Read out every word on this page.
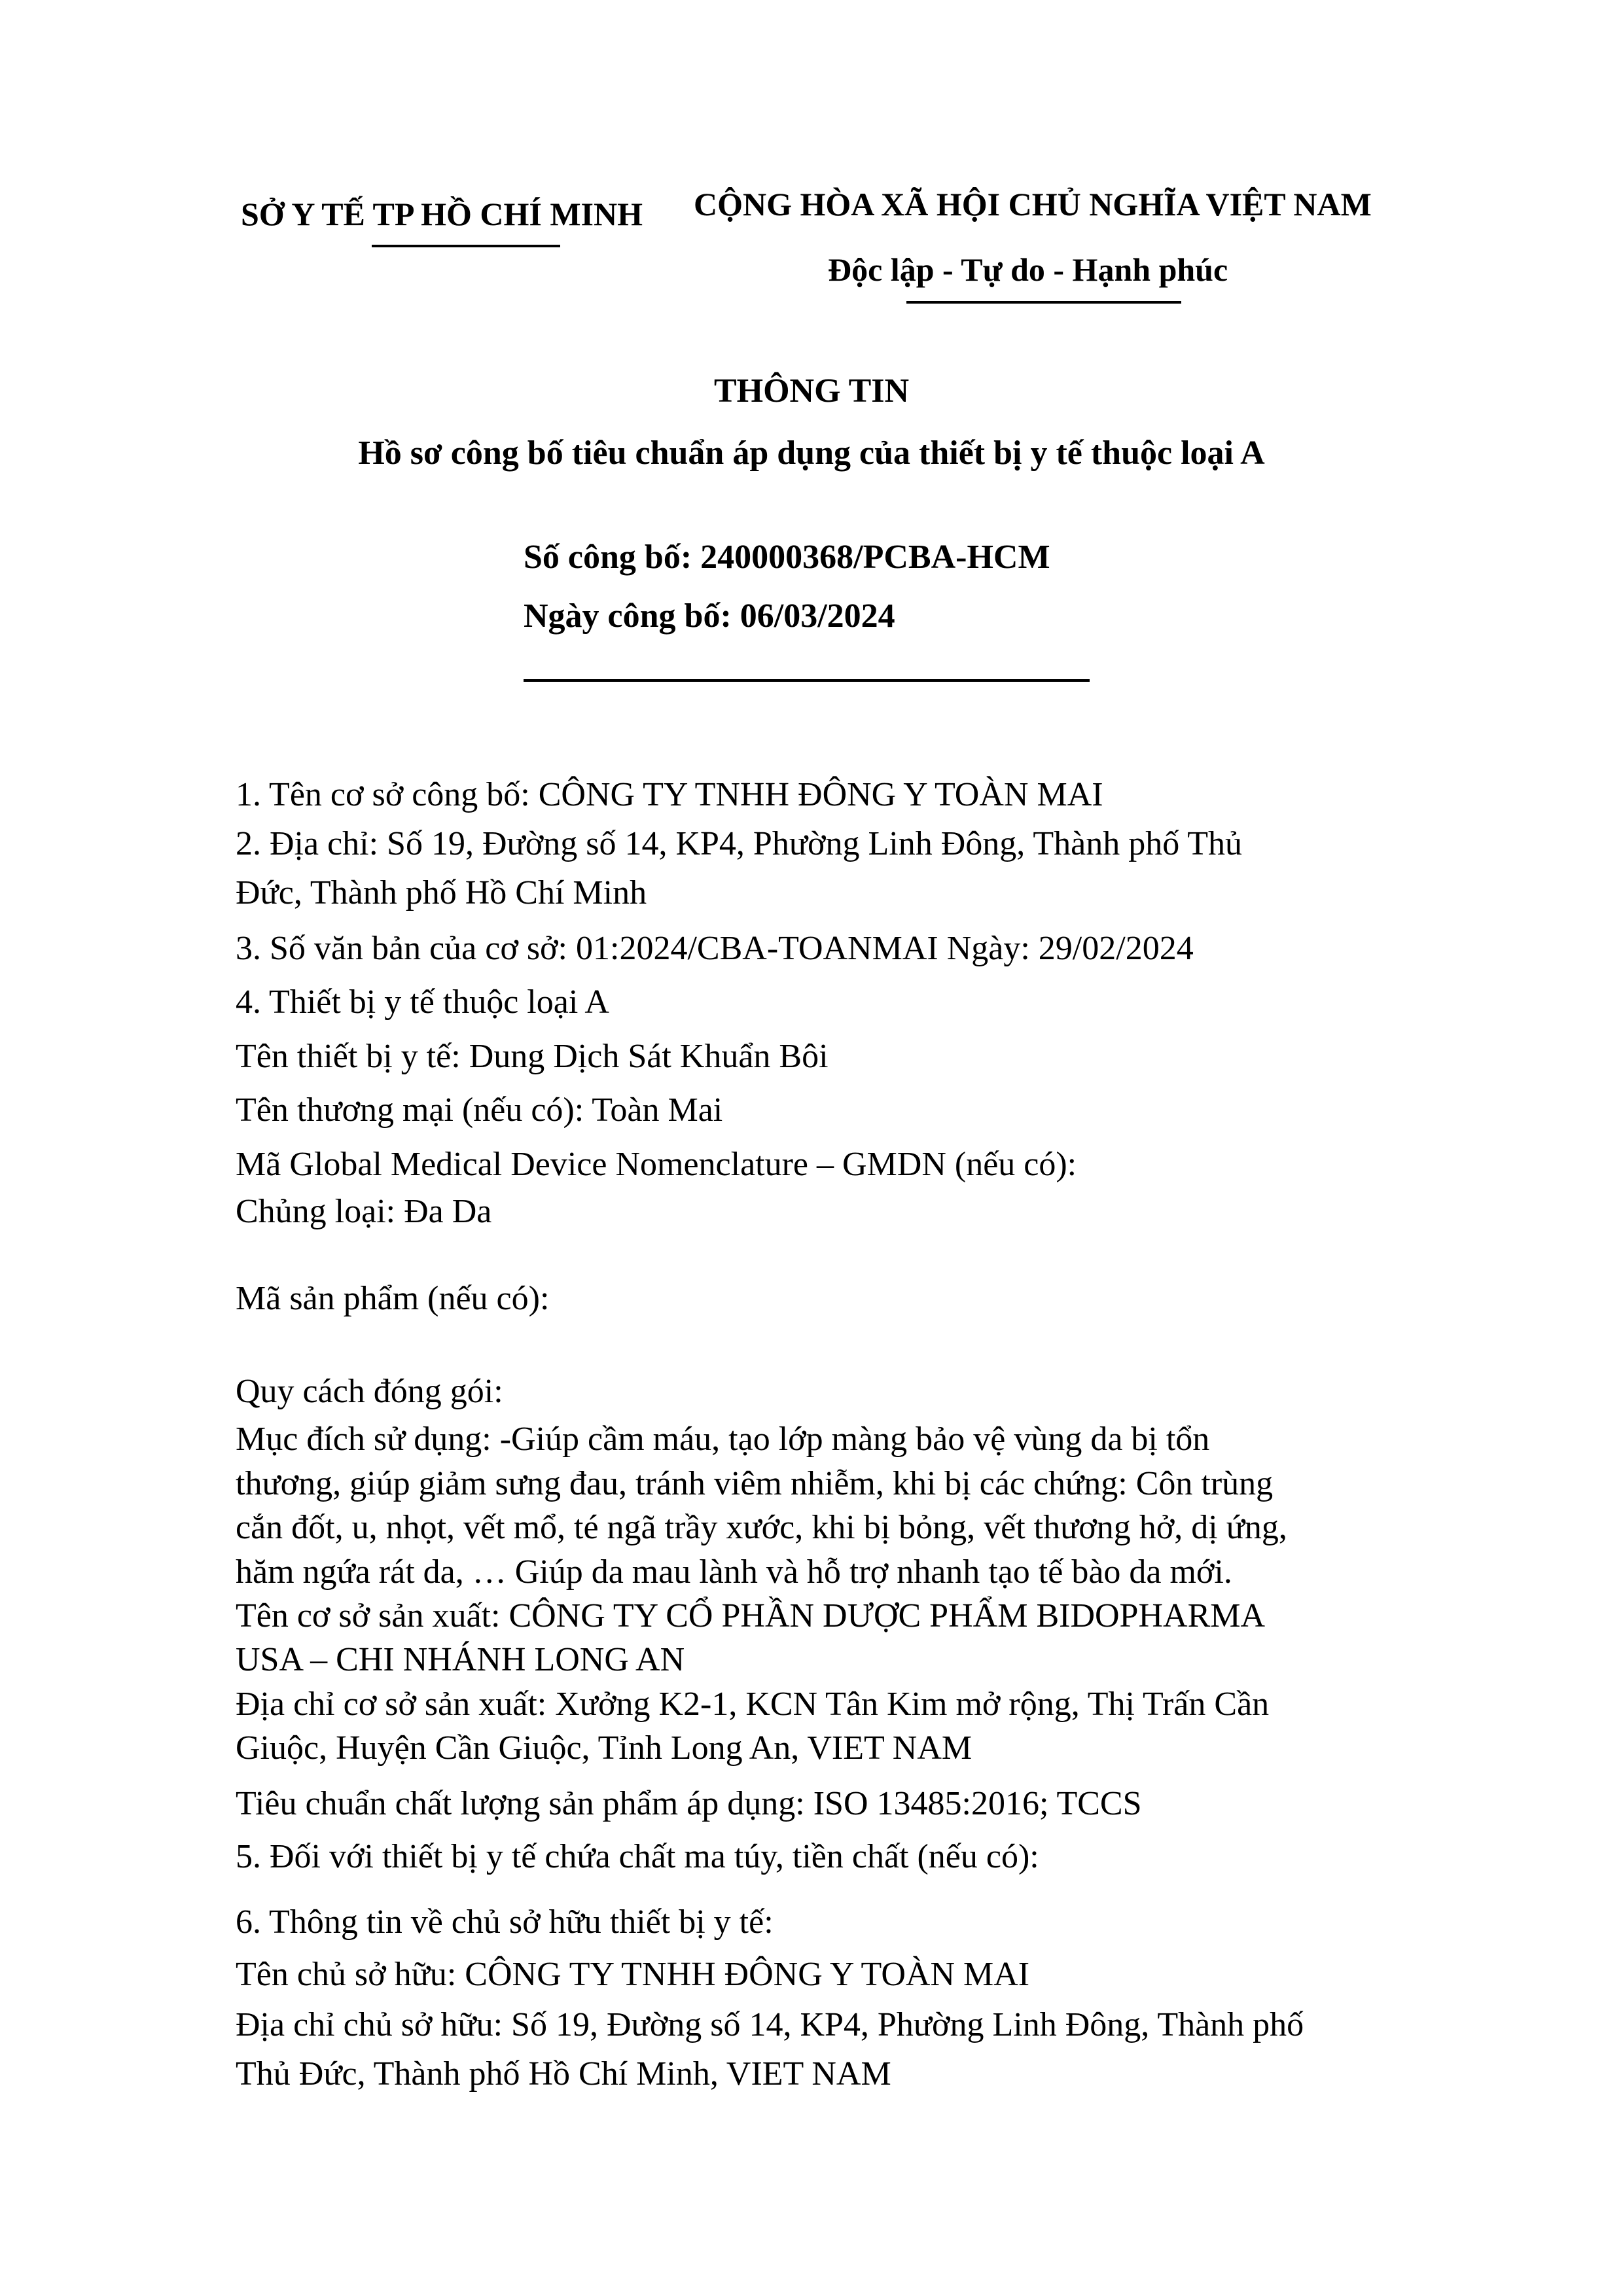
SỞ Y TẾ TP HỒ CHÍ MINH CỘNG HÒA XÃ HỘI CHỦ NGHĨA VIỆT NAM
Độc lập - Tự do - Hạnh phúc
THÔNG TIN
Hồ sơ công bố tiêu chuẩn áp dụng của thiết bị y tế thuộc loại A
Số công bố: 240000368/PCBA-HCM
Ngày công bố: 06/03/2024
1. Tên cơ sở công bố: CÔNG TY TNHH ĐÔNG Y TOÀN MAI
2. Địa chỉ: Số 19, Đường số 14, KP4, Phường Linh Đông, Thành phố Thủ
Đức, Thành phố Hồ Chí Minh
3. Số văn bản của cơ sở: 01:2024/CBA-TOANMAI Ngày: 29/02/2024
4. Thiết bị y tế thuộc loại A
Tên thiết bị y tế: Dung Dịch Sát Khuẩn Bôi
Tên thương mại (nếu có): Toàn Mai
Mã Global Medical Device Nomenclature – GMDN (nếu có):
Chủng loại: Đa Da
Mã sản phẩm (nếu có):
Quy cách đóng gói:
Mục đích sử dụng: -Giúp cầm máu, tạo lớp màng bảo vệ vùng da bị tổn
thương, giúp giảm sưng đau, tránh viêm nhiễm, khi bị các chứng: Côn trùng
cắn đốt, u, nhọt, vết mổ, té ngã trầy xước, khi bị bỏng, vết thương hở, dị ứng,
hăm ngứa rát da, … Giúp da mau lành và hỗ trợ nhanh tạo tế bào da mới.
Tên cơ sở sản xuất: CÔNG TY CỔ PHẦN DƯỢC PHẨM BIDOPHARMA
USA – CHI NHÁNH LONG AN
Địa chỉ cơ sở sản xuất: Xưởng K2-1, KCN Tân Kim mở rộng, Thị Trấn Cần
Giuộc, Huyện Cần Giuộc, Tỉnh Long An, VIET NAM
Tiêu chuẩn chất lượng sản phẩm áp dụng: ISO 13485:2016; TCCS
5. Đối với thiết bị y tế chứa chất ma túy, tiền chất (nếu có):
6. Thông tin về chủ sở hữu thiết bị y tế:
Tên chủ sở hữu: CÔNG TY TNHH ĐÔNG Y TOÀN MAI
Địa chỉ chủ sở hữu: Số 19, Đường số 14, KP4, Phường Linh Đông, Thành phố
Thủ Đức, Thành phố Hồ Chí Minh, VIET NAM
